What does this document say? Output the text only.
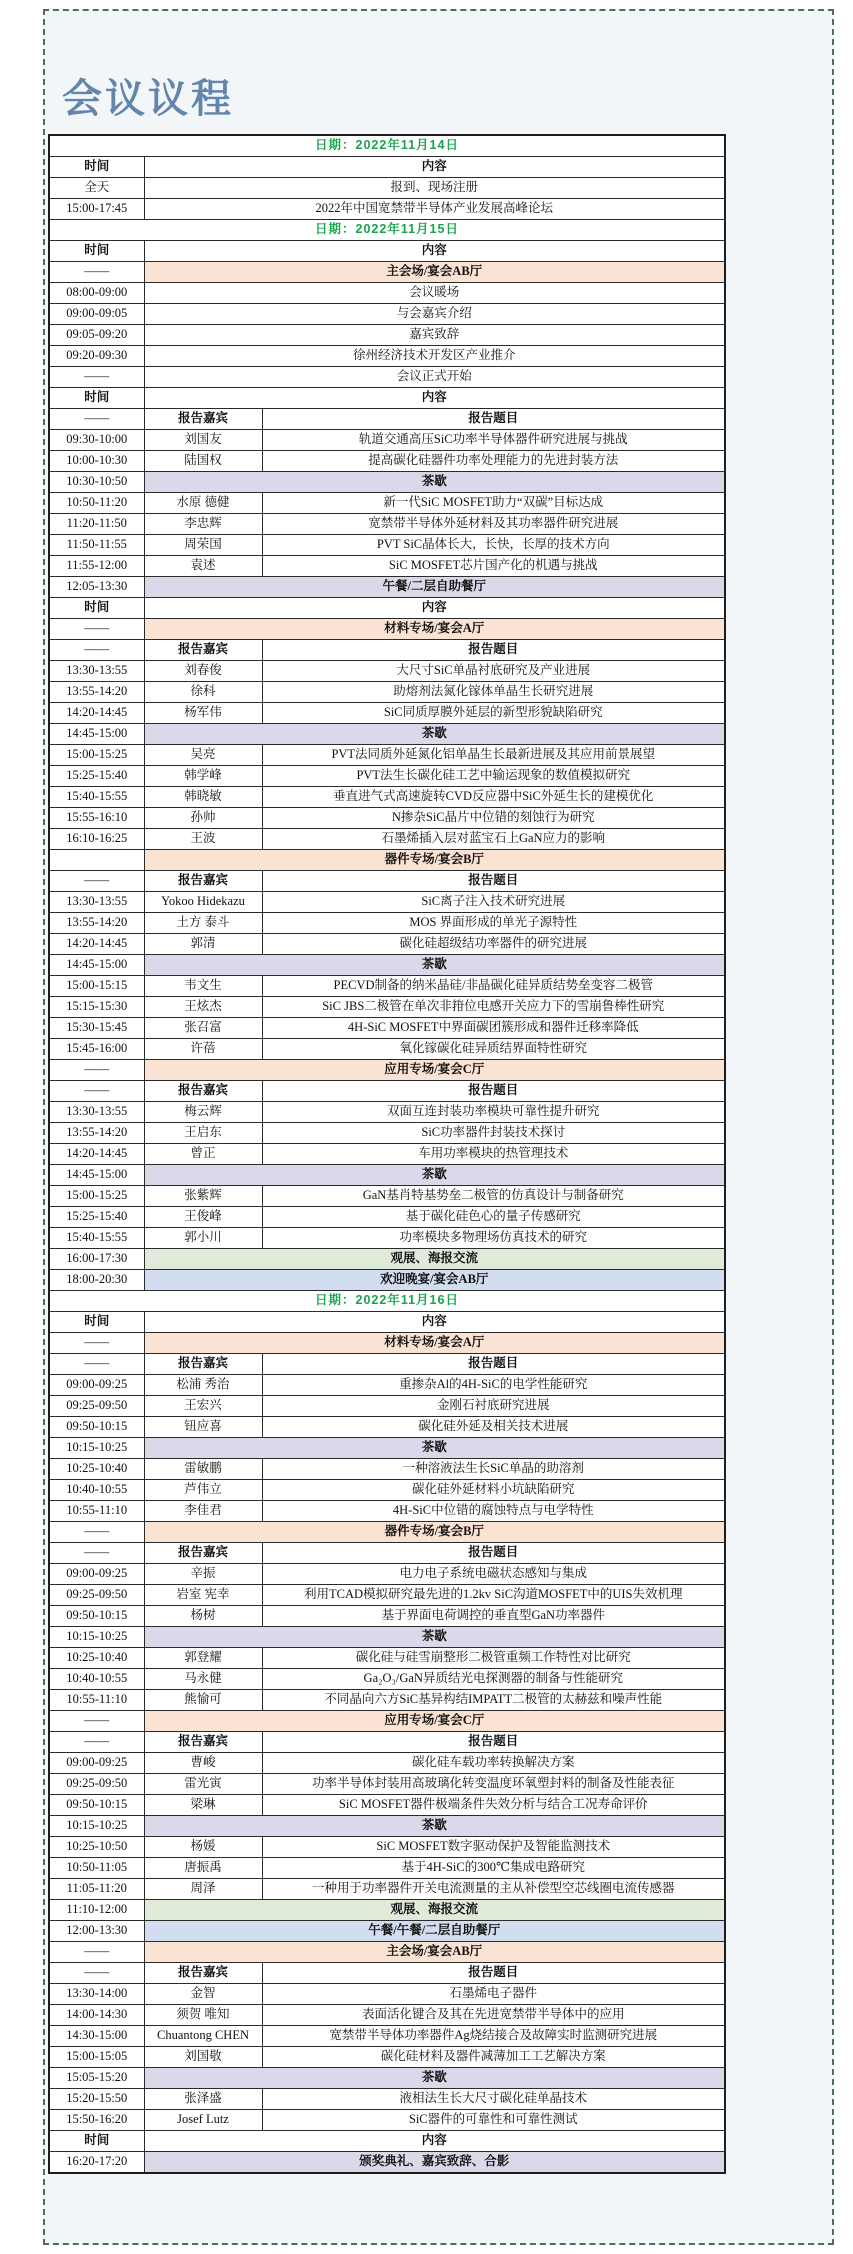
会议议程
日期：2022年11月14日		
时间	内容	
全天	报到、现场注册	
15:00-17:45	2022年中国宽禁带半导体产业发展高峰论坛	
日期：2022年11月15日		
时间	内容	
——	主会场/宴会AB厅	
08:00-09:00	会议暖场	
09:00-09:05	与会嘉宾介绍	
09:05-09:20	嘉宾致辞	
09:20-09:30	徐州经济技术开发区产业推介	
——	会议正式开始	
时间	内容	
——	报告嘉宾	报告题目
09:30-10:00	刘国友	轨道交通高压SiC功率半导体器件研究进展与挑战
10:00-10:30	陆国权	提高碳化硅器件功率处理能力的先进封装方法
10:30-10:50	茶歇	
10:50-11:20	水原 德健	新一代SiC MOSFET助力“双碳”目标达成
11:20-11:50	李忠辉	宽禁带半导体外延材料及其功率器件研究进展
11:50-11:55	周荣国	PVT SiC晶体长大，长快，长厚的技术方向
11:55-12:00	袁述	SiC MOSFET芯片国产化的机遇与挑战
12:05-13:30	午餐/二层自助餐厅	
时间	内容	
——	材料专场/宴会A厅	
——	报告嘉宾	报告题目
13:30-13:55	刘春俊	大尺寸SiC单晶衬底研究及产业进展
13:55-14:20	徐科	助熔剂法氮化镓体单晶生长研究进展
14:20-14:45	杨军伟	SiC同质厚膜外延层的新型形貌缺陷研究
14:45-15:00	茶歇	
15:00-15:25	吴亮	PVT法同质外延氮化铝单晶生长最新进展及其应用前景展望
15:25-15:40	韩学峰	PVT法生长碳化硅工艺中输运现象的数值模拟研究
15:40-15:55	韩晓敏	垂直进气式高速旋转CVD反应器中SiC外延生长的建模优化
15:55-16:10	孙帅	N掺杂SiC晶片中位错的刻蚀行为研究
16:10-16:25	王波	石墨烯插入层对蓝宝石上GaN应力的影响
	器件专场/宴会B厅	
——	报告嘉宾	报告题目
13:30-13:55	Yokoo Hidekazu	SiC离子注入技术研究进展
13:55-14:20	土方 泰斗	MOS 界面形成的单光子源特性
14:20-14:45	郭清	碳化硅超级结功率器件的研究进展
14:45-15:00	茶歇	
15:00-15:15	韦文生	PECVD制备的纳米晶硅/非晶碳化硅异质结势垒变容二极管
15:15-15:30	王炫杰	SiC JBS二极管在单次非箝位电感开关应力下的雪崩鲁棒性研究
15:30-15:45	张召富	4H-SiC MOSFET中界面碳团簇形成和器件迁移率降低
15:45-16:00	许蓓	氧化镓碳化硅异质结界面特性研究
——	应用专场/宴会C厅	
——	报告嘉宾	报告题目
13:30-13:55	梅云辉	双面互连封装功率模块可靠性提升研究
13:55-14:20	王启东	SiC功率器件封装技术探讨
14:20-14:45	曾正	车用功率模块的热管理技术
14:45-15:00	茶歇	
15:00-15:25	张紫辉	GaN基肖特基势垒二极管的仿真设计与制备研究
15:25-15:40	王俊峰	基于碳化硅色心的量子传感研究
15:40-15:55	郭小川	功率模块多物理场仿真技术的研究
16:00-17:30	观展、海报交流	
18:00-20:30	欢迎晚宴/宴会AB厅	
日期：2022年11月16日		
时间	内容	
——	材料专场/宴会A厅	
——	报告嘉宾	报告题目
09:00-09:25	松浦 秀治	重掺杂Al的4H-SiC的电学性能研究
09:25-09:50	王宏兴	金刚石衬底研究进展
09:50-10:15	钮应喜	碳化硅外延及相关技术进展
10:15-10:25	茶歇	
10:25-10:40	雷敏鹏	一种溶液法生长SiC单晶的助溶剂
10:40-10:55	芦伟立	碳化硅外延材料小坑缺陷研究
10:55-11:10	李佳君	4H-SiC中位错的腐蚀特点与电学特性
——	器件专场/宴会B厅	
——	报告嘉宾	报告题目
09:00-09:25	辛振	电力电子系统电磁状态感知与集成
09:25-09:50	岩室 宪幸	利用TCAD模拟研究最先进的1.2kv SiC沟道MOSFET中的UIS失效机理
09:50-10:15	杨树	基于界面电荷调控的垂直型GaN功率器件
10:15-10:25	茶歇	
10:25-10:40	郭登耀	碳化硅与硅雪崩整形二极管重频工作特性对比研究
10:40-10:55	马永健	Ga₂O₃/GaN异质结光电探测器的制备与性能研究
10:55-11:10	熊愉可	不同晶向六方SiC基异构结IMPATT二极管的太赫兹和噪声性能
——	应用专场/宴会C厅	
——	报告嘉宾	报告题目
09:00-09:25	曹峻	碳化硅车载功率转换解决方案
09:25-09:50	雷光寅	功率半导体封装用高玻璃化转变温度环氧塑封料的制备及性能表征
09:50-10:15	梁琳	SiC MOSFET器件极端条件失效分析与结合工况寿命评价
10:15-10:25	茶歇	
10:25-10:50	杨媛	SiC MOSFET数字驱动保护及智能监测技术
10:50-11:05	唐振禹	基于4H-SiC的300℃集成电路研究
11:05-11:20	周泽	一种用于功率器件开关电流测量的主从补偿型空芯线圈电流传感器
11:10-12:00	观展、海报交流	
12:00-13:30	午餐/午餐/二层自助餐厅	
——	主会场/宴会AB厅	
——	报告嘉宾	报告题目
13:30-14:00	金智	石墨烯电子器件
14:00-14:30	须贺 唯知	表面活化键合及其在先进宽禁带半导体中的应用
14:30-15:00	Chuantong CHEN	宽禁带半导体功率器件Ag烧结接合及故障实时监测研究进展
15:00-15:05	刘国敬	碳化硅材料及器件减薄加工工艺解决方案
15:05-15:20	茶歇	
15:20-15:50	张泽盛	液相法生长大尺寸碳化硅单晶技术
15:50-16:20	Josef Lutz	SiC器件的可靠性和可靠性测试
时间	内容	
16:20-17:20	颁奖典礼、嘉宾致辞、合影	
